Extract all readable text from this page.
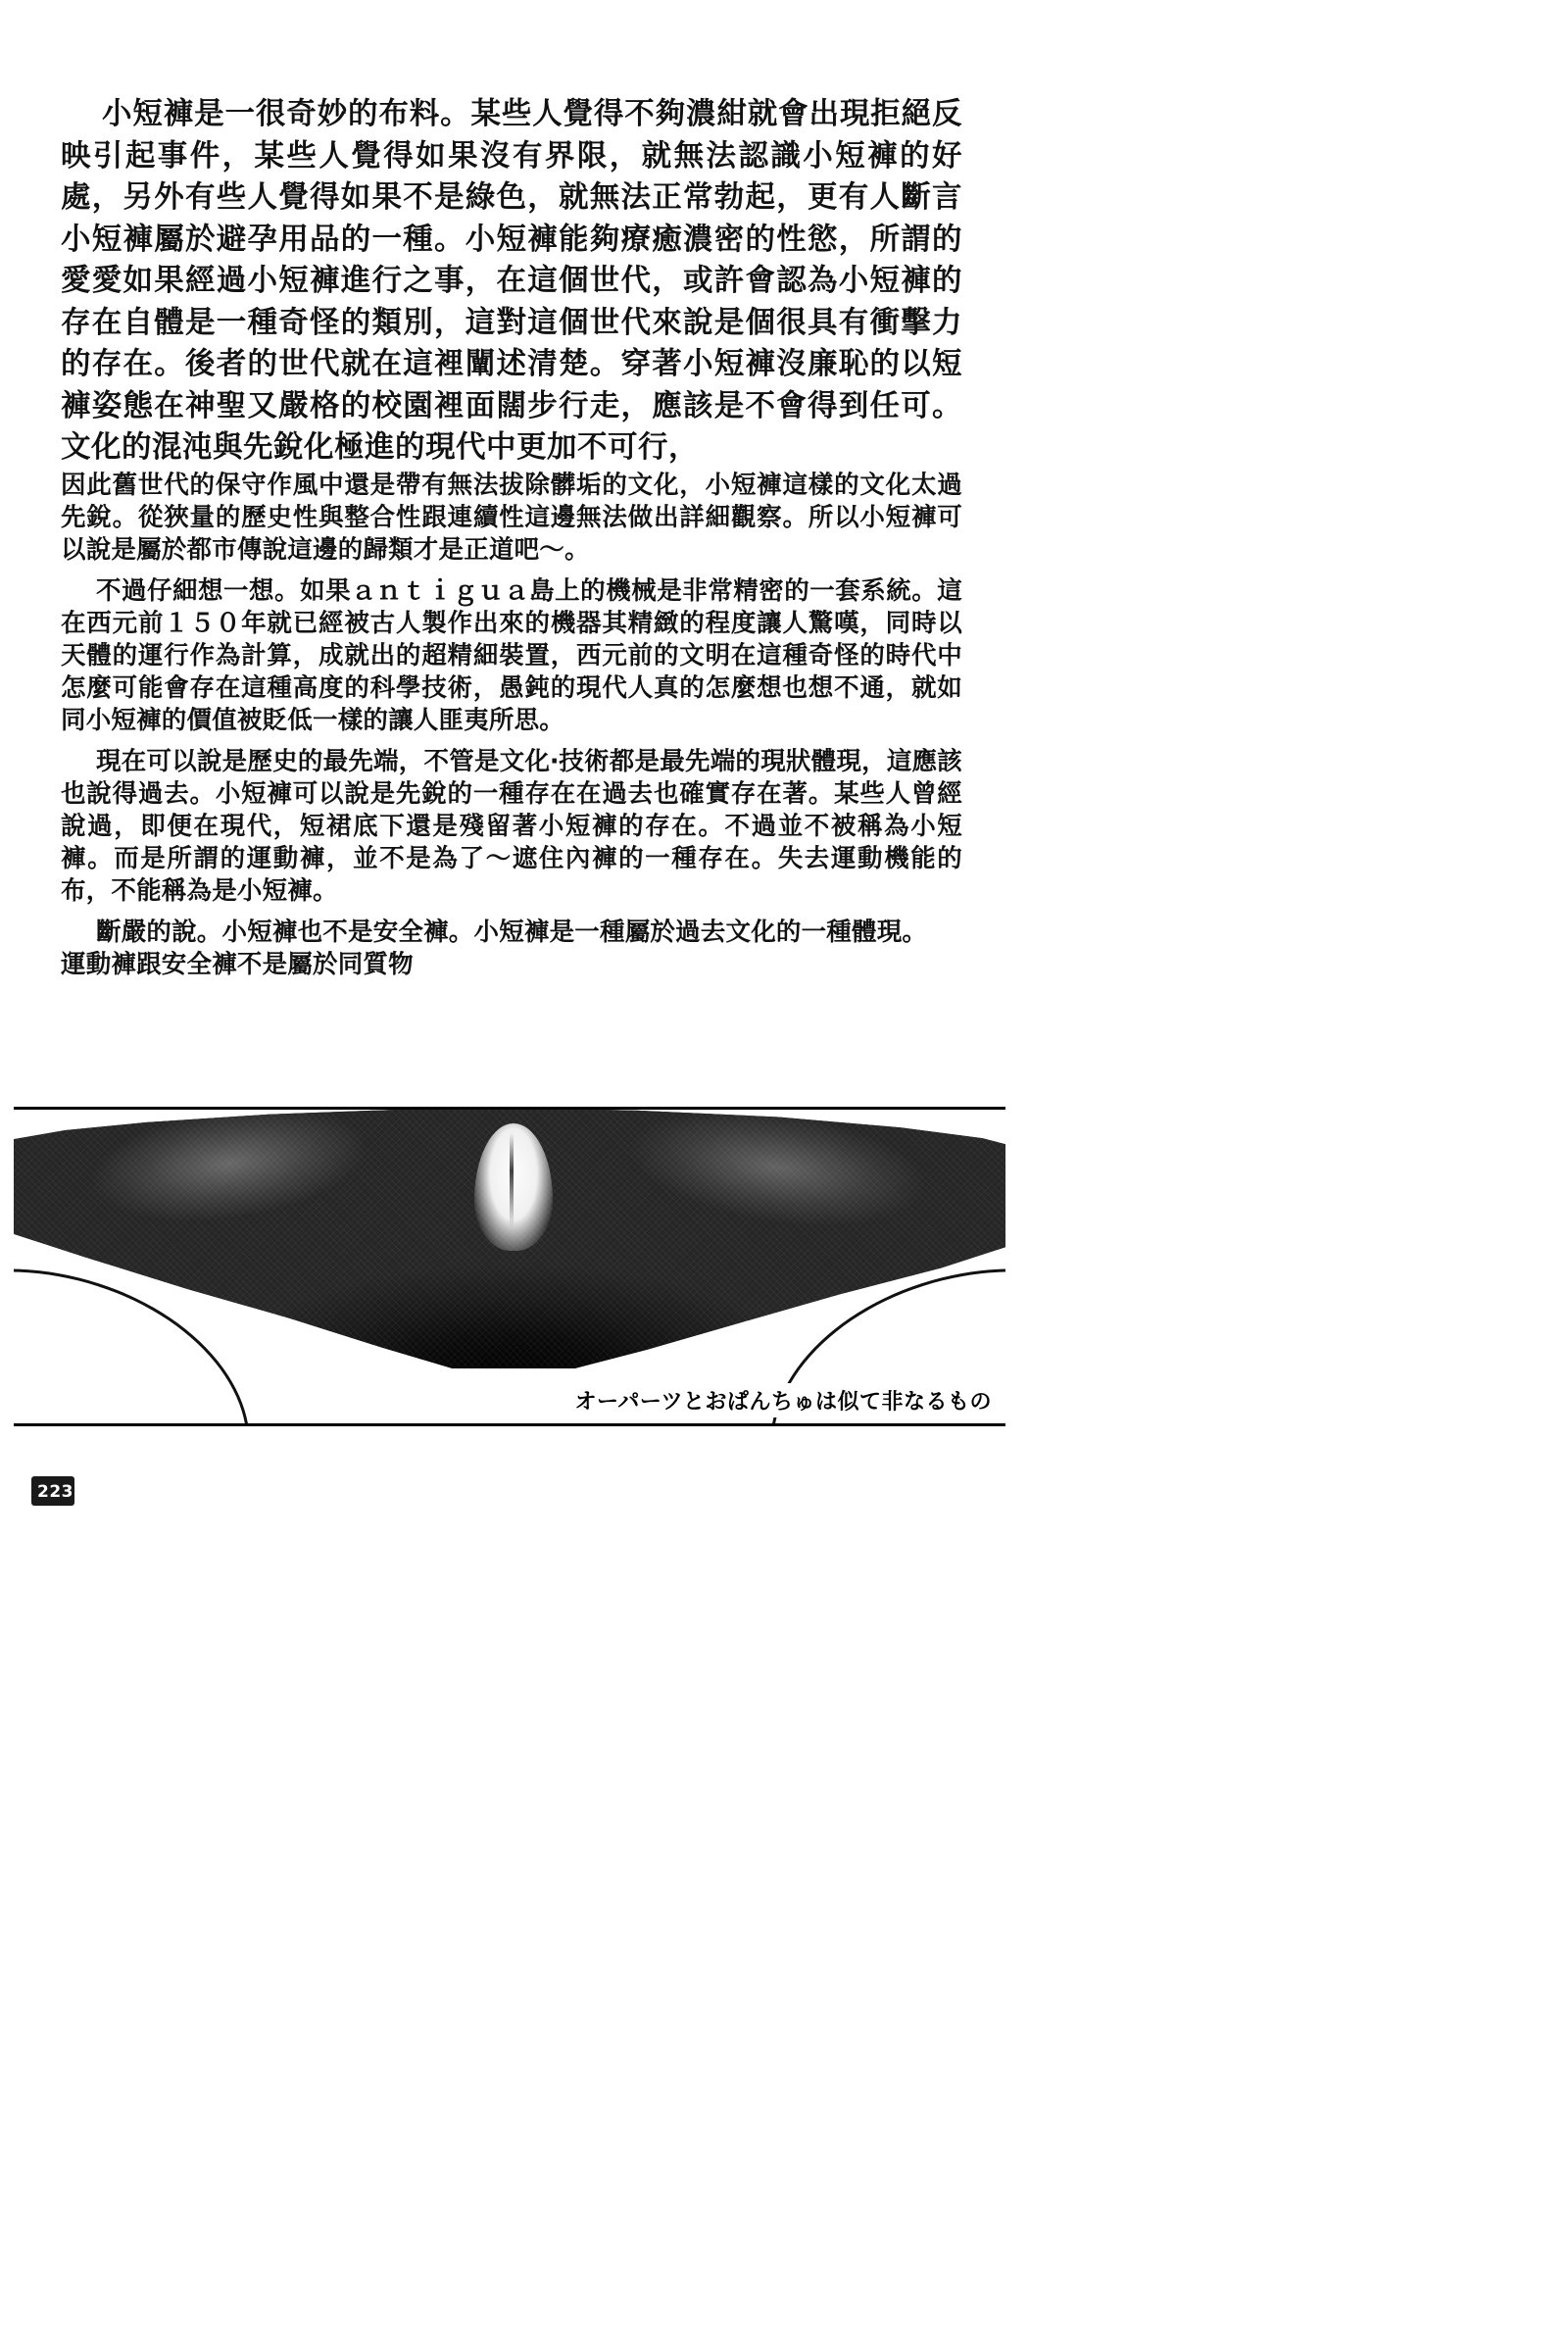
小短褲是一很奇妙的布料。某些人覺得不夠濃紺就會出現拒絕反映引起事件，某些人覺得如果沒有界限，就無法認識小短褲的好處，另外有些人覺得如果不是綠色，就無法正常勃起，更有人斷言小短褲屬於避孕用品的一種。小短褲能夠療癒濃密的性慾，所謂的愛愛如果經過小短褲進行之事，在這個世代，或許會認為小短褲的存在自體是一種奇怪的類別，這對這個世代來說是個很具有衝擊力的存在。後者的世代就在這裡闡述清楚。穿著小短褲沒廉恥的以短褲姿態在神聖又嚴格的校園裡面闊步行走，應該是不會得到任可。文化的混沌與先銳化極進的現代中更加不可行，

因此舊世代的保守作風中還是帶有無法拔除髒垢的文化，小短褲這樣的文化太過先銳。從狹量的歷史性與整合性跟連續性這邊無法做出詳細觀察。所以小短褲可以說是屬於都市傳說這邊的歸類才是正道吧～。

不過仔細想一想。如果ａｎｔｉｇｕａ島上的機械是非常精密的一套系統。這在西元前１５０年就已經被古人製作出來的機器其精緻的程度讓人驚嘆，同時以天體的運行作為計算，成就出的超精細裝置，西元前的文明在這種奇怪的時代中怎麼可能會存在這種高度的科學技術，愚鈍的現代人真的怎麼想也想不通，就如同小短褲的價值被貶低一樣的讓人匪夷所思。

現在可以說是歷史的最先端，不管是文化‧技術都是最先端的現狀體現，這應該也說得過去。小短褲可以說是先銳的一種存在在過去也確實存在著。某些人曾經說過，即便在現代，短裙底下還是殘留著小短褲的存在。不過並不被稱為小短褲。而是所謂的運動褲，並不是為了～遮住內褲的一種存在。失去運動機能的布，不能稱為是小短褲。

斷嚴的說。小短褲也不是安全褲。小短褲是一種屬於過去文化的一種體現。

運動褲跟安全褲不是屬於同質物

オーパーツとおぱんちゅは似て非なるもの
223
